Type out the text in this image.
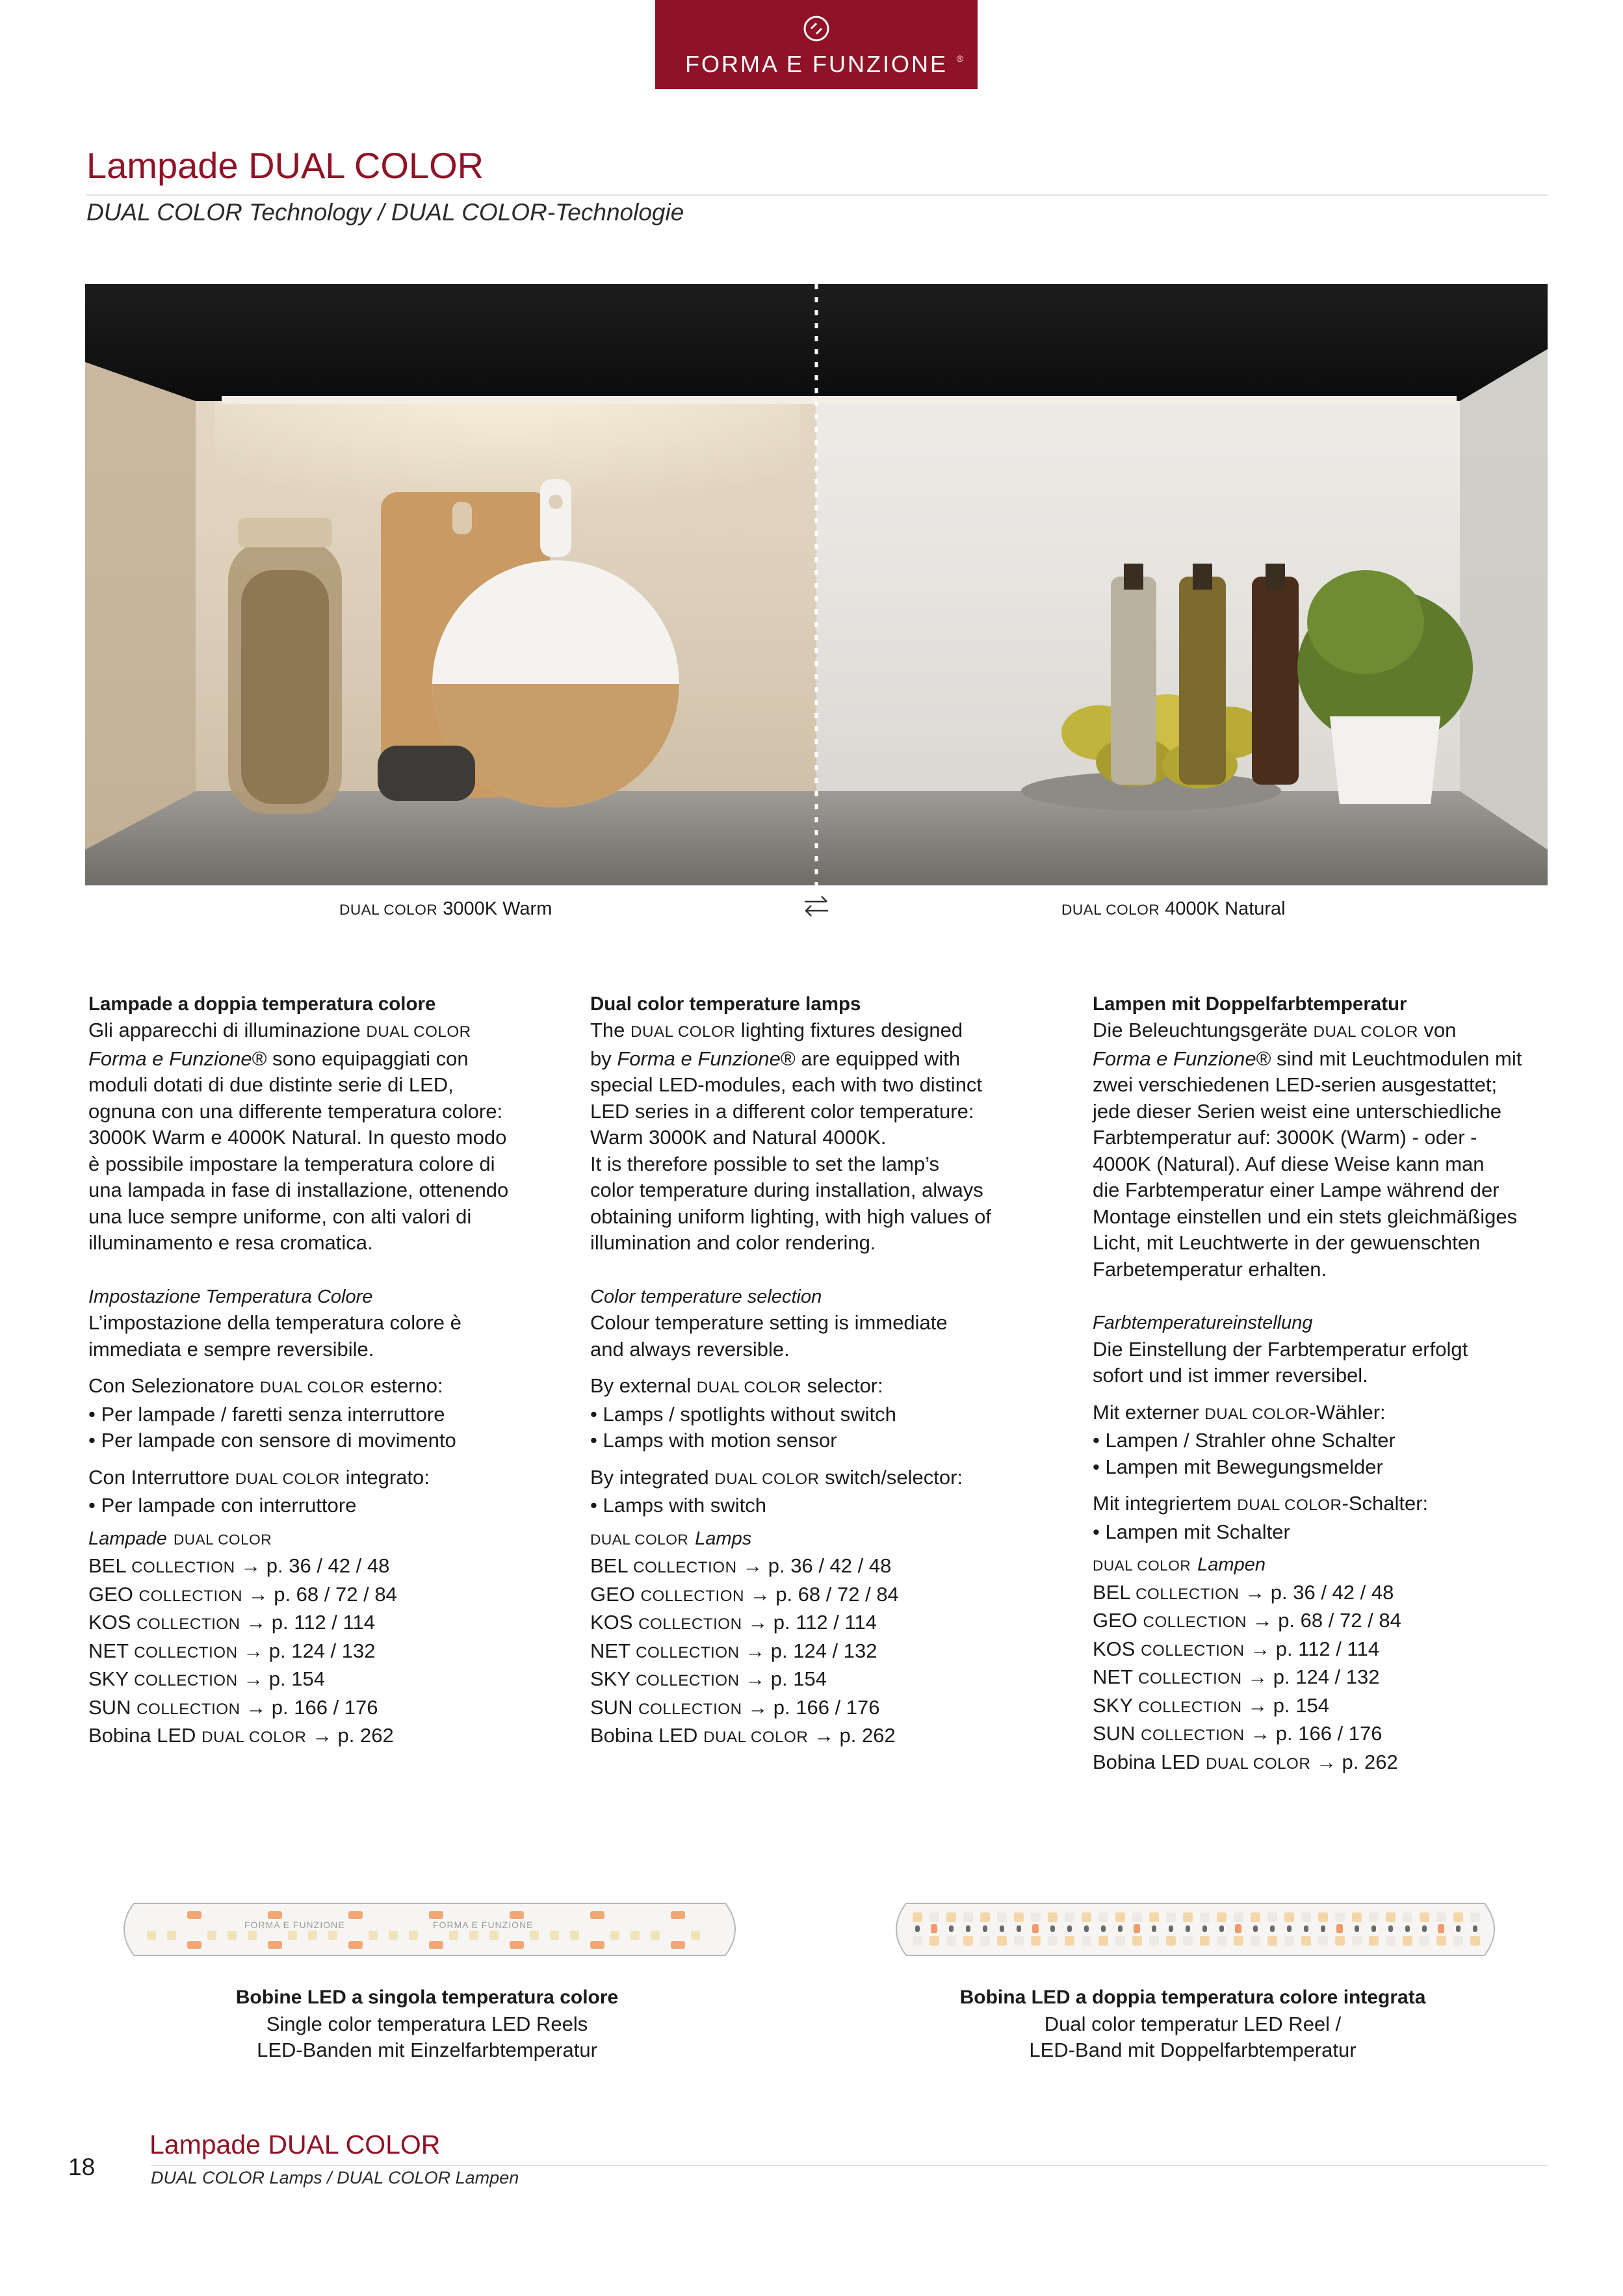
FORMA E FUNZIONE ®
Lampade DUAL COLOR
DUAL COLOR Technology / DUAL COLOR-Technologie
DUAL COLOR 3000K Warm	DUAL COLOR 4000K Natural
Lampade a doppia temperatura colore
Gli apparecchi di illuminazione DUAL COLOR
Forma e Funzione® sono equipaggiati con
moduli dotati di due distinte serie di LED,
ognuna con una differente temperatura colore:
3000K Warm e 4000K Natural. In questo modo
è possibile impostare la temperatura colore di
una lampada in fase di installazione, ottenendo
una luce sempre uniforme, con alti valori di
illuminamento e resa cromatica.
Impostazione Temperatura Colore
L’impostazione della temperatura colore è
immediata e sempre reversibile.
Con Selezionatore DUAL COLOR esterno:
• Per lampade / faretti senza interruttore
• Per lampade con sensore di movimento
Con Interruttore DUAL COLOR integrato:
• Per lampade con interruttore
Lampade DUAL COLOR
BEL COLLECTION → p. 36 / 42 / 48
GEO COLLECTION → p. 68 / 72 / 84
KOS COLLECTION → p. 112 / 114
NET COLLECTION → p. 124 / 132
SKY COLLECTION → p. 154
SUN COLLECTION → p. 166 / 176
Bobina LED DUAL COLOR → p. 262
Dual color temperature lamps
The DUAL COLOR lighting fixtures designed
by Forma e Funzione® are equipped with
special LED-modules, each with two distinct
LED series in a different color temperature:
Warm 3000K and Natural 4000K.
It is therefore possible to set the lamp’s
color temperature during installation, always
obtaining uniform lighting, with high values of
illumination and color rendering.
Color temperature selection
Colour temperature setting is immediate
and always reversible.
By external DUAL COLOR selector:
• Lamps / spotlights without switch
• Lamps with motion sensor
By integrated DUAL COLOR switch/selector:
• Lamps with switch
DUAL COLOR Lamps
BEL COLLECTION → p. 36 / 42 / 48
GEO COLLECTION → p. 68 / 72 / 84
KOS COLLECTION → p. 112 / 114
NET COLLECTION → p. 124 / 132
SKY COLLECTION → p. 154
SUN COLLECTION → p. 166 / 176
Bobina LED DUAL COLOR → p. 262
Lampen mit Doppelfarbtemperatur
Die Beleuchtungsgeräte DUAL COLOR von
Forma e Funzione® sind mit Leuchtmodulen mit
zwei verschiedenen LED-serien ausgestattet;
jede dieser Serien weist eine unterschiedliche
Farbtemperatur auf: 3000K (Warm) - oder -
4000K (Natural). Auf diese Weise kann man
die Farbtemperatur einer Lampe während der
Montage einstellen und ein stets gleichmäßiges
Licht, mit Leuchtwerte in der gewuenschten
Farbetemperatur erhalten.
Farbtemperatureinstellung
Die Einstellung der Farbtemperatur erfolgt
sofort und ist immer reversibel.
Mit externer DUAL COLOR-Wähler:
• Lampen / Strahler ohne Schalter
• Lampen mit Bewegungsmelder
Mit integriertem DUAL COLOR-Schalter:
• Lampen mit Schalter
DUAL COLOR Lampen
BEL COLLECTION → p. 36 / 42 / 48
GEO COLLECTION → p. 68 / 72 / 84
KOS COLLECTION → p. 112 / 114
NET COLLECTION → p. 124 / 132
SKY COLLECTION → p. 154
SUN COLLECTION → p. 166 / 176
Bobina LED DUAL COLOR → p. 262
FORMA E FUNZIONE	FORMA E FUNZIONE
Bobine LED a singola temperatura colore
Single color temperatura LED Reels
LED-Banden mit Einzelfarbtemperatur
Bobina LED a doppia temperatura colore integrata
Dual color temperatur LED Reel /
LED-Band mit Doppelfarbtemperatur
18
Lampade DUAL COLOR
DUAL COLOR Lamps / DUAL COLOR Lampen
